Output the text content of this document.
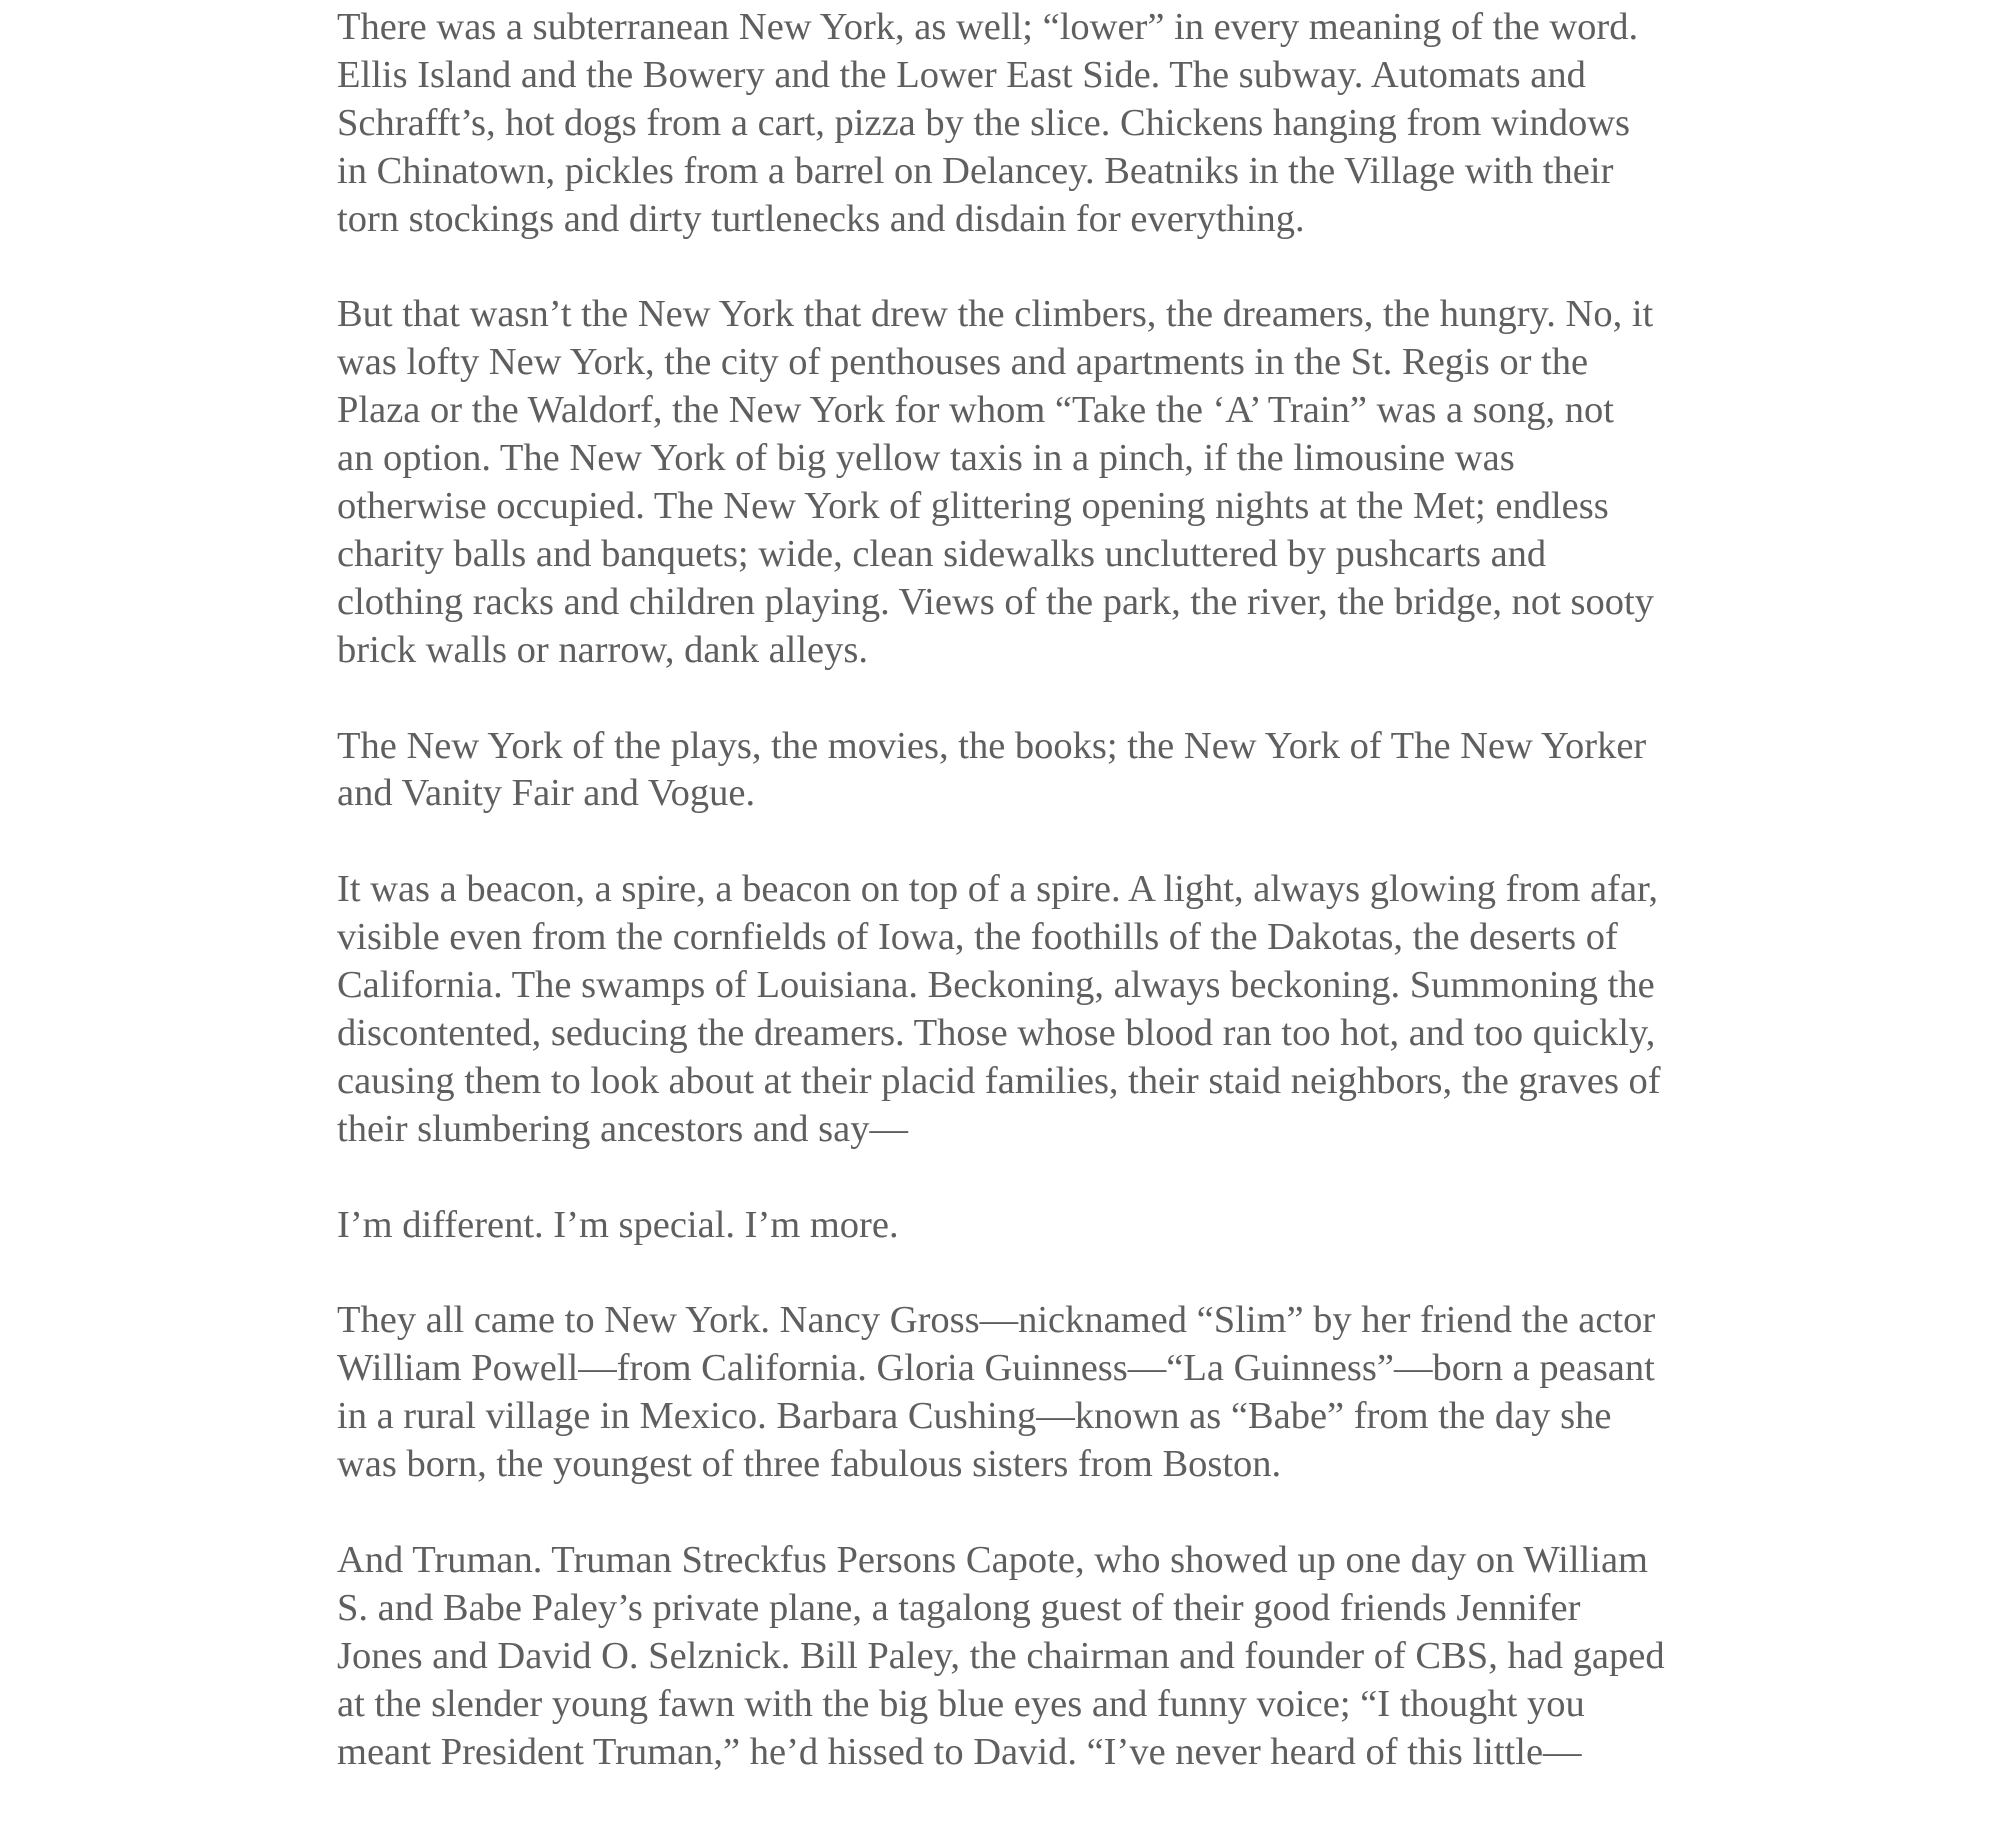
There was a subterranean New York, as well; “lower” in every meaning of the word.
Ellis Island and the Bowery and the Lower East Side. The subway. Automats and
Schrafft’s, hot dogs from a cart, pizza by the slice. Chickens hanging from windows
in Chinatown, pickles from a barrel on Delancey. Beatniks in the Village with their
torn stockings and dirty turtlenecks and disdain for everything.

But that wasn’t the New York that drew the climbers, the dreamers, the hungry. No, it
was lofty New York, the city of penthouses and apartments in the St. Regis or the
Plaza or the Waldorf, the New York for whom “Take the ‘A’ Train” was a song, not
an option. The New York of big yellow taxis in a pinch, if the limousine was
otherwise occupied. The New York of glittering opening nights at the Met; endless
charity balls and banquets; wide, clean sidewalks uncluttered by pushcarts and
clothing racks and children playing. Views of the park, the river, the bridge, not sooty
brick walls or narrow, dank alleys.

The New York of the plays, the movies, the books; the New York of The New Yorker
and Vanity Fair and Vogue.

It was a beacon, a spire, a beacon on top of a spire. A light, always glowing from afar,
visible even from the cornfields of Iowa, the foothills of the Dakotas, the deserts of
California. The swamps of Louisiana. Beckoning, always beckoning. Summoning the
discontented, seducing the dreamers. Those whose blood ran too hot, and too quickly,
causing them to look about at their placid families, their staid neighbors, the graves of
their slumbering ancestors and say—

I’m different. I’m special. I’m more.

They all came to New York. Nancy Gross—nicknamed “Slim” by her friend the actor
William Powell—from California. Gloria Guinness—“La Guinness”—born a peasant
in a rural village in Mexico. Barbara Cushing—known as “Babe” from the day she
was born, the youngest of three fabulous sisters from Boston.

And Truman. Truman Streckfus Persons Capote, who showed up one day on William
S. and Babe Paley’s private plane, a tagalong guest of their good friends Jennifer
Jones and David O. Selznick. Bill Paley, the chairman and founder of CBS, had gaped
at the slender young fawn with the big blue eyes and funny voice; “I thought you
meant President Truman,” he’d hissed to David. “I’ve never heard of this little—
